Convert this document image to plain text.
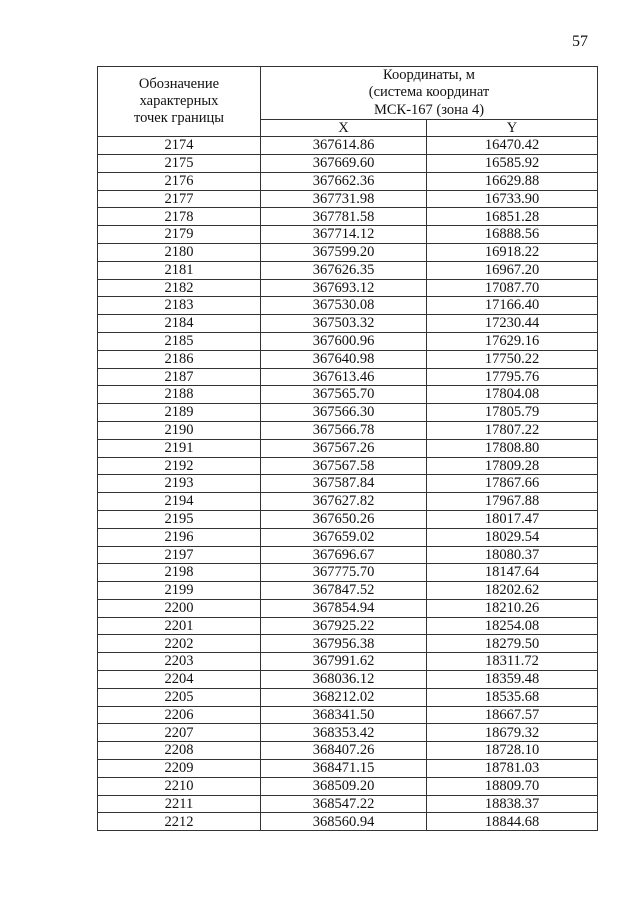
57
Обозначение
характерных
точек границы	Координаты, м
(система координат
МСК-167 (зона 4)	

	X	Y
2174	367614.86	16470.42
2175	367669.60	16585.92
2176	367662.36	16629.88
2177	367731.98	16733.90
2178	367781.58	16851.28
2179	367714.12	16888.56
2180	367599.20	16918.22
2181	367626.35	16967.20
2182	367693.12	17087.70
2183	367530.08	17166.40
2184	367503.32	17230.44
2185	367600.96	17629.16
2186	367640.98	17750.22
2187	367613.46	17795.76
2188	367565.70	17804.08
2189	367566.30	17805.79
2190	367566.78	17807.22
2191	367567.26	17808.80
2192	367567.58	17809.28
2193	367587.84	17867.66
2194	367627.82	17967.88
2195	367650.26	18017.47
2196	367659.02	18029.54
2197	367696.67	18080.37
2198	367775.70	18147.64
2199	367847.52	18202.62
2200	367854.94	18210.26
2201	367925.22	18254.08
2202	367956.38	18279.50
2203	367991.62	18311.72
2204	368036.12	18359.48
2205	368212.02	18535.68
2206	368341.50	18667.57
2207	368353.42	18679.32
2208	368407.26	18728.10
2209	368471.15	18781.03
2210	368509.20	18809.70
2211	368547.22	18838.37
2212	368560.94	18844.68
